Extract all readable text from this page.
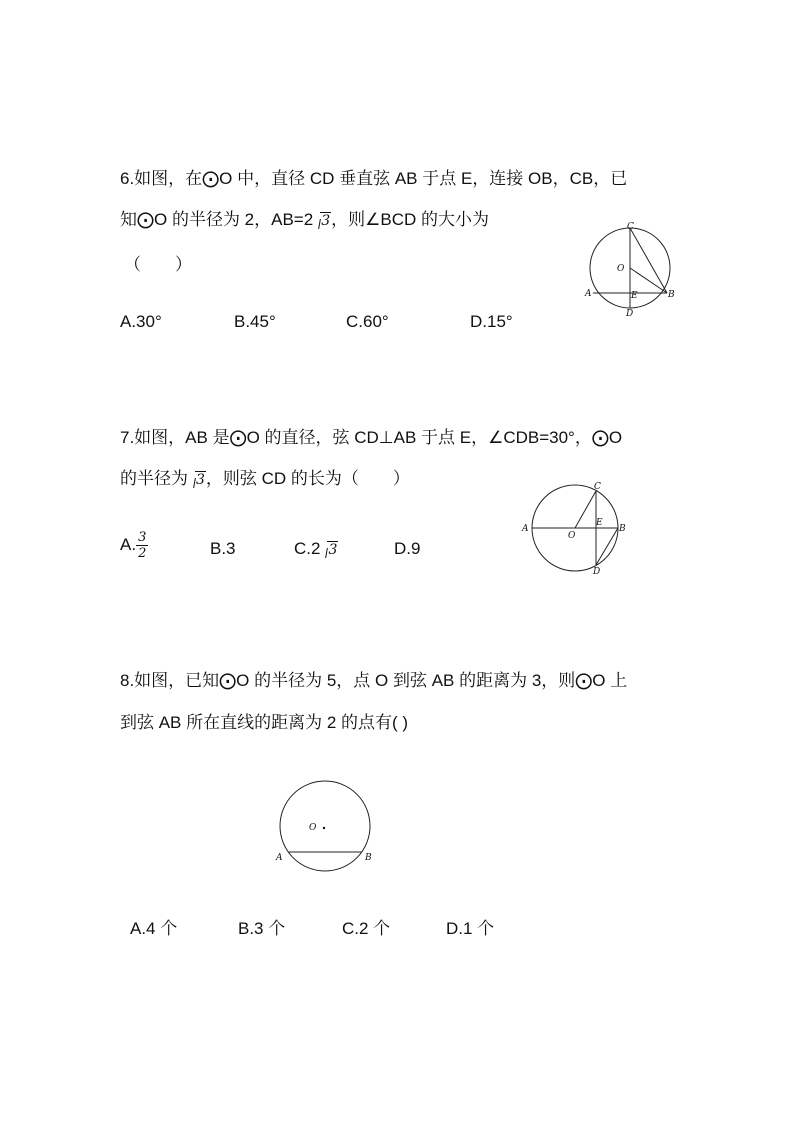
6.如图，在⨀O 中，直径 CD 垂直弦 AB 于点 E，连接 OB，CB，已
知⨀O 的半径为 2，AB=2 3，则∠BCD 的大小为
（　　）
A.30°	B.45°	C.60°	D.15°
C
O
A	E	B
D
7.如图，AB 是⨀O 的直径，弦 CD⊥AB 于点 E，∠CDB=30°，⨀O
的半径为 3，则弦 CD 的长为（　　）
A. $\frac{3}{2}$	B.3	C.2 3	D.9
C
A
O
E
B
D
8.如图，已知⨀O 的半径为 5，点 O 到弦 AB 的距离为 3，则⨀O 上
到弦 AB 所在直线的距离为 2 的点有( )
O
A	B
A.4 个	B.3 个	C.2 个	D.1 个
